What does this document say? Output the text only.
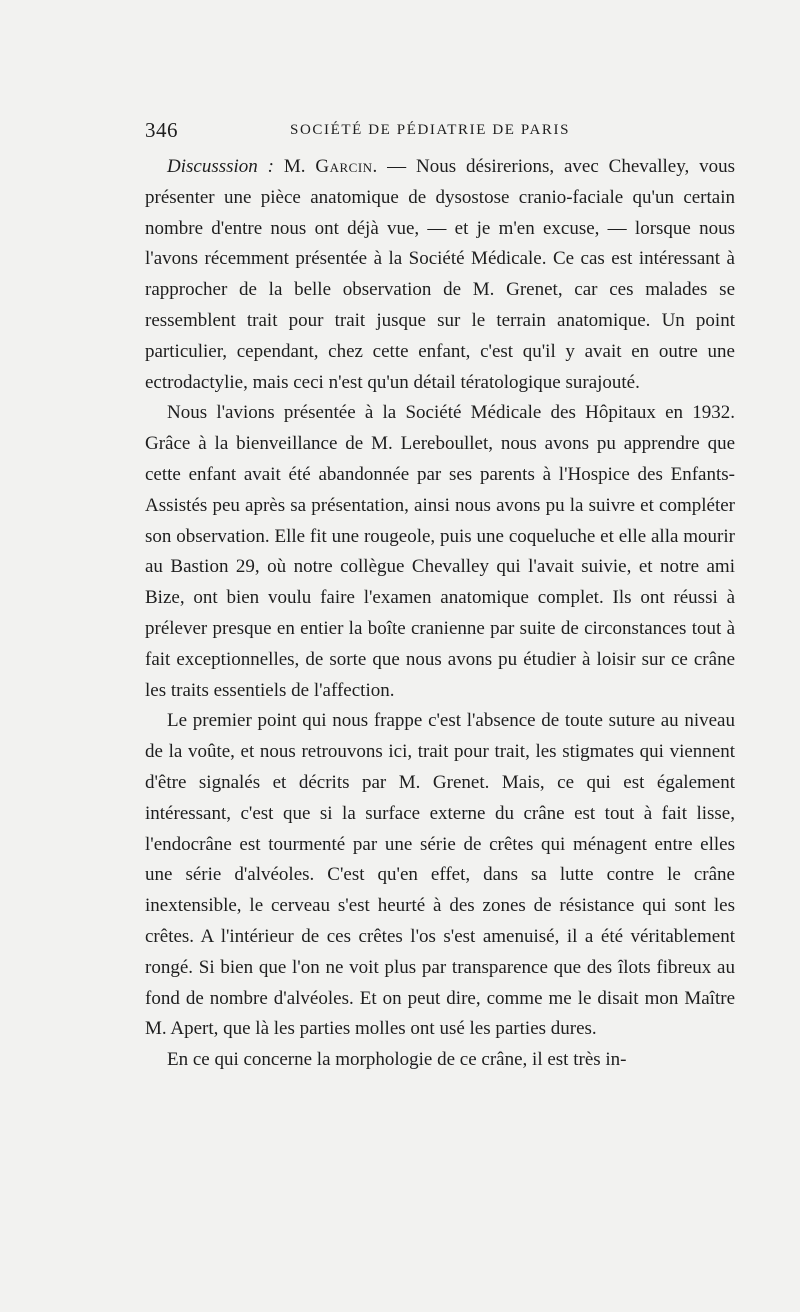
346	SOCIÉTÉ DE PÉDIATRIE DE PARIS

Discusssion : M. Garcin. — Nous désirerions, avec Chevalley, vous présenter une pièce anatomique de dysostose cranio-faciale qu'un certain nombre d'entre nous ont déjà vue, — et je m'en excuse, — lorsque nous l'avons récemment présentée à la Société Médicale. Ce cas est intéressant à rapprocher de la belle observation de M. Grenet, car ces malades se ressemblent trait pour trait jusque sur le terrain anatomique. Un point particulier, cependant, chez cette enfant, c'est qu'il y avait en outre une ectrodactylie, mais ceci n'est qu'un détail tératologique surajouté.

Nous l'avions présentée à la Société Médicale des Hôpitaux en 1932. Grâce à la bienveillance de M. Lereboullet, nous avons pu apprendre que cette enfant avait été abandonnée par ses parents à l'Hospice des Enfants-Assistés peu après sa présentation, ainsi nous avons pu la suivre et compléter son observation. Elle fit une rougeole, puis une coqueluche et elle alla mourir au Bastion 29, où notre collègue Chevalley qui l'avait suivie, et notre ami Bize, ont bien voulu faire l'examen anatomique complet. Ils ont réussi à prélever presque en entier la boîte cranienne par suite de circonstances tout à fait exceptionnelles, de sorte que nous avons pu étudier à loisir sur ce crâne les traits essentiels de l'affection.

Le premier point qui nous frappe c'est l'absence de toute suture au niveau de la voûte, et nous retrouvons ici, trait pour trait, les stigmates qui viennent d'être signalés et décrits par M. Grenet. Mais, ce qui est également intéressant, c'est que si la surface externe du crâne est tout à fait lisse, l'endocrâne est tourmenté par une série de crêtes qui ménagent entre elles une série d'alvéoles. C'est qu'en effet, dans sa lutte contre le crâne inextensible, le cerveau s'est heurté à des zones de résistance qui sont les crêtes. A l'intérieur de ces crêtes l'os s'est amenuisé, il a été véritablement rongé. Si bien que l'on ne voit plus par transparence que des îlots fibreux au fond de nombre d'alvéoles. Et on peut dire, comme me le disait mon Maître M. Apert, que là les parties molles ont usé les parties dures.

En ce qui concerne la morphologie de ce crâne, il est très in-
